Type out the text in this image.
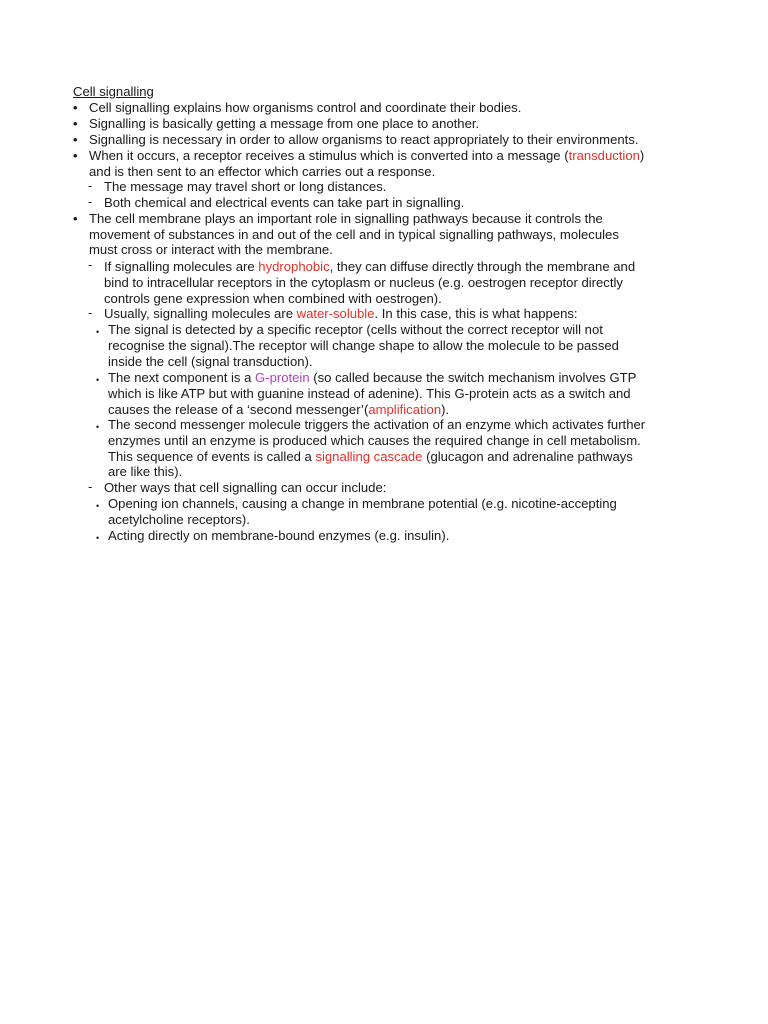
Cell signalling
• Cell signalling explains how organisms control and coordinate their bodies.
• Signalling is basically getting a message from one place to another.
• Signalling is necessary in order to allow organisms to react appropriately to their environments.
• When it occurs, a receptor receives a stimulus which is converted into a message (transduction)
and is then sent to an effector which carries out a response.
- The message may travel short or long distances.
- Both chemical and electrical events can take part in signalling.
• The cell membrane plays an important role in signalling pathways because it controls the
movement of substances in and out of the cell and in typical signalling pathways, molecules
must cross or interact with the membrane.
- If signalling molecules are hydrophobic, they can diffuse directly through the membrane and
bind to intracellular receptors in the cytoplasm or nucleus (e.g. oestrogen receptor directly
controls gene expression when combined with oestrogen).
- Usually, signalling molecules are water-soluble. In this case, this is what happens:
• The signal is detected by a specific receptor (cells without the correct receptor will not
recognise the signal).The receptor will change shape to allow the molecule to be passed
inside the cell (signal transduction).
• The next component is a G-protein (so called because the switch mechanism involves GTP
which is like ATP but with guanine instead of adenine). This G-protein acts as a switch and
causes the release of a ‘second messenger’(amplification).
• The second messenger molecule triggers the activation of an enzyme which activates further
enzymes until an enzyme is produced which causes the required change in cell metabolism.
This sequence of events is called a signalling cascade (glucagon and adrenaline pathways
are like this).
- Other ways that cell signalling can occur include:
• Opening ion channels, causing a change in membrane potential (e.g. nicotine-accepting
acetylcholine receptors).
• Acting directly on membrane-bound enzymes (e.g. insulin).
